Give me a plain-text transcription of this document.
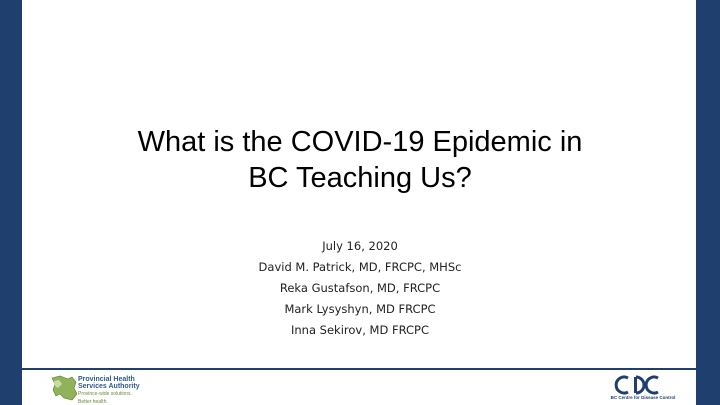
What is the COVID-19 Epidemic in
BC Teaching Us?
July 16, 2020
David M. Patrick, MD, FRCPC, MHSc
Reka Gustafson, MD, FRCPC
Mark Lysyshyn, MD FRCPC
Inna Sekirov, MD FRCPC
Provincial Health
Services Authority
Province-wide solutions.
Better health.
BC Centre for Disease Control
